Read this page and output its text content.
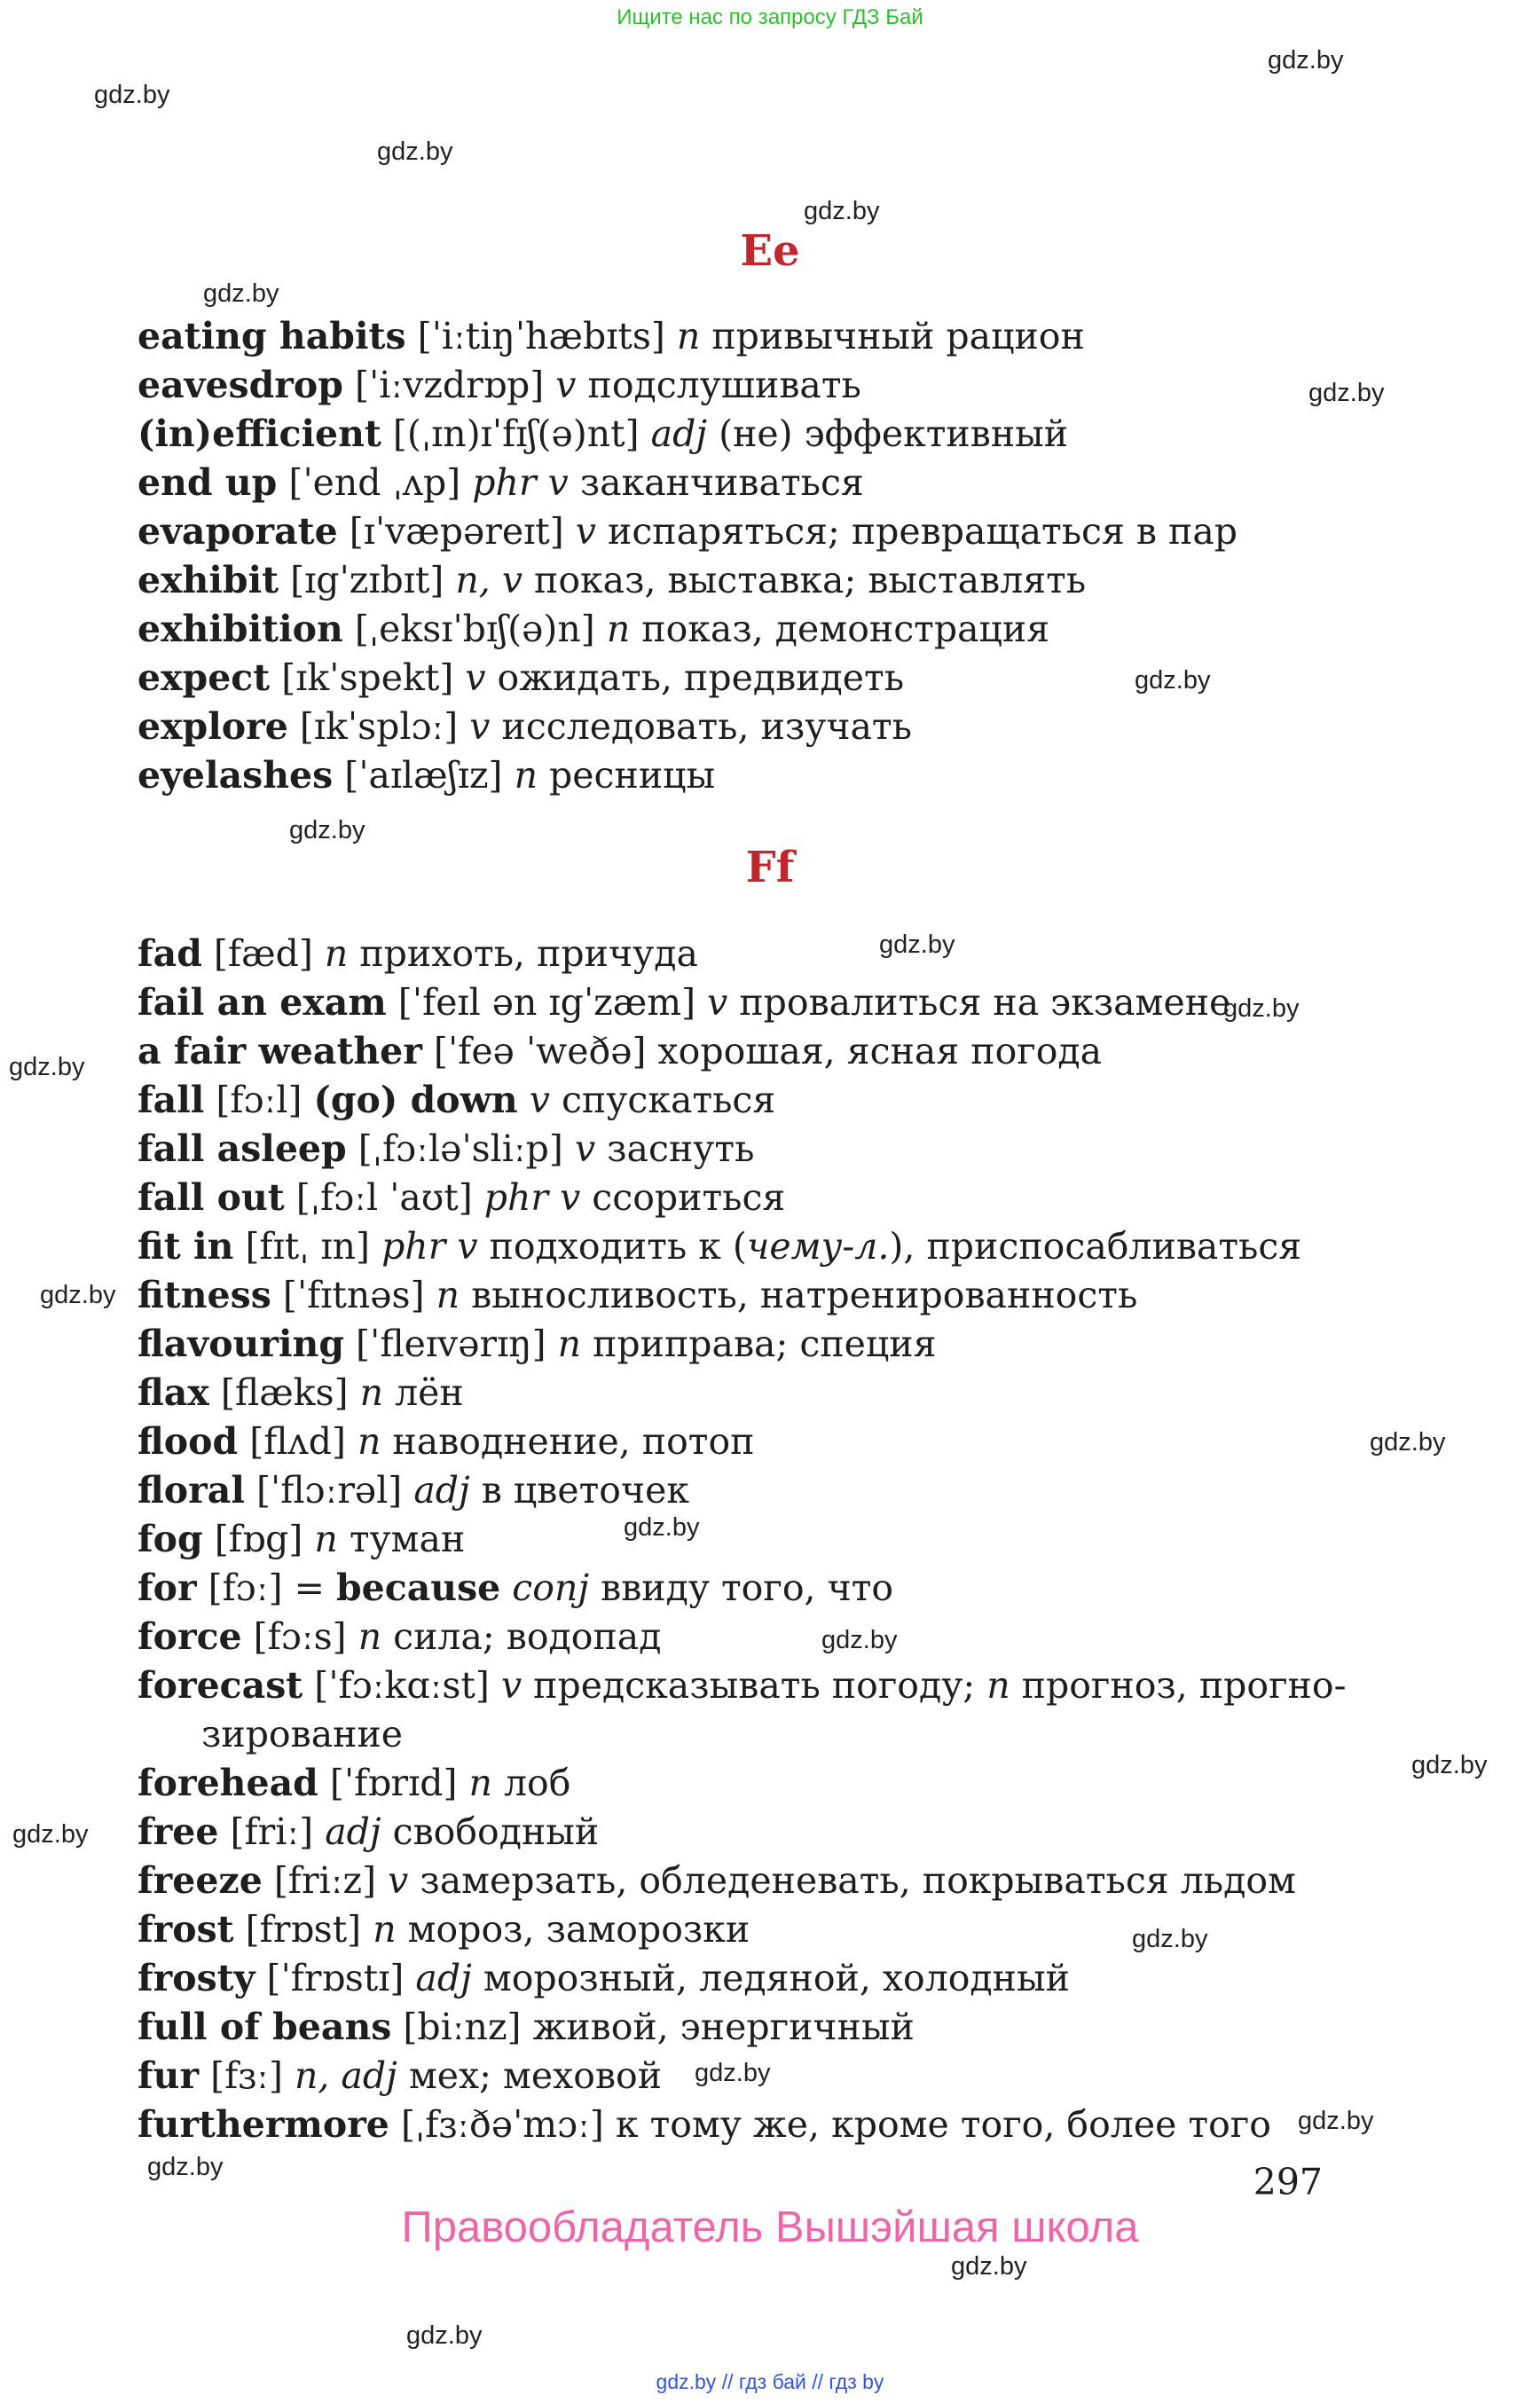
Ищите нас по запросу ГДЗ Бай
gdz.by
gdz.by
gdz.by
gdz.by
gdz.by
gdz.by
gdz.by
gdz.by
gdz.by
gdz.by
gdz.by
gdz.by
gdz.by
gdz.by
gdz.by
gdz.by
gdz.by
gdz.by
gdz.by
gdz.by
gdz.by
gdz.by
gdz.by
Ee
eating habits [ˈiːtiŋˈhæbɪts] n привычный рацион
eavesdrop [ˈiːvzdrɒp] v подслушивать
(in)efficient [(ˌɪn)ɪˈfɪʃ(ə)nt] adj (не) эффективный
end up [ˈend ˌʌp] phr v заканчиваться
evaporate [ɪˈvæpəreɪt] v испаряться; превращаться в пар
exhibit [ɪgˈzɪbɪt] n, v показ, выставка; выставлять
exhibition [ˌeksɪˈbɪʃ(ə)n] n показ, демонстрация
expect [ɪkˈspekt] v ожидать, предвидеть
explore [ɪkˈsplɔː] v исследовать, изучать
eyelashes [ˈaɪlæʃɪz] n ресницы
Ff
fad [fæd] n прихоть, причуда
fail an exam [ˈfeɪl ən ɪgˈzæm] v провалиться на экзамене
a fair weather [ˈfeə ˈweðə] хорошая, ясная погода
fall [fɔːl] (go) down v спускаться
fall asleep [ˌfɔːləˈsliːp] v заснуть
fall out [ˌfɔːl ˈaʊt] phr v ссориться
fit in [fɪtˌ ɪn] phr v подходить к (чему-л.), приспосабливаться
fitness [ˈfɪtnəs] n выносливость, натренированность
flavouring [ˈfleɪvərɪŋ] n приправа; специя
flax [flæks] n лён
flood [flʌd] n наводнение, потоп
floral [ˈflɔːrəl] adj в цветочек
fog [fɒg] n туман
for [fɔː] = because conj ввиду того, что
force [fɔːs] n сила; водопад
forecast [ˈfɔːkɑːst] v предсказывать погоду; n прогноз, прогно-
зирование
forehead [ˈfɒrɪd] n лоб
free [friː] adj свободный
freeze [friːz] v замерзать, обледеневать, покрываться льдом
frost [frɒst] n мороз, заморозки
frosty [ˈfrɒstɪ] adj морозный, ледяной, холодный
full of beans [biːnz] живой, энергичный
fur [fɜː] n, adj мех; меховой
furthermore [ˌfɜːðəˈmɔː] к тому же, кроме того, более того
297
Правообладатель Вышэйшая школа
gdz.by // гдз бай // гдз by
